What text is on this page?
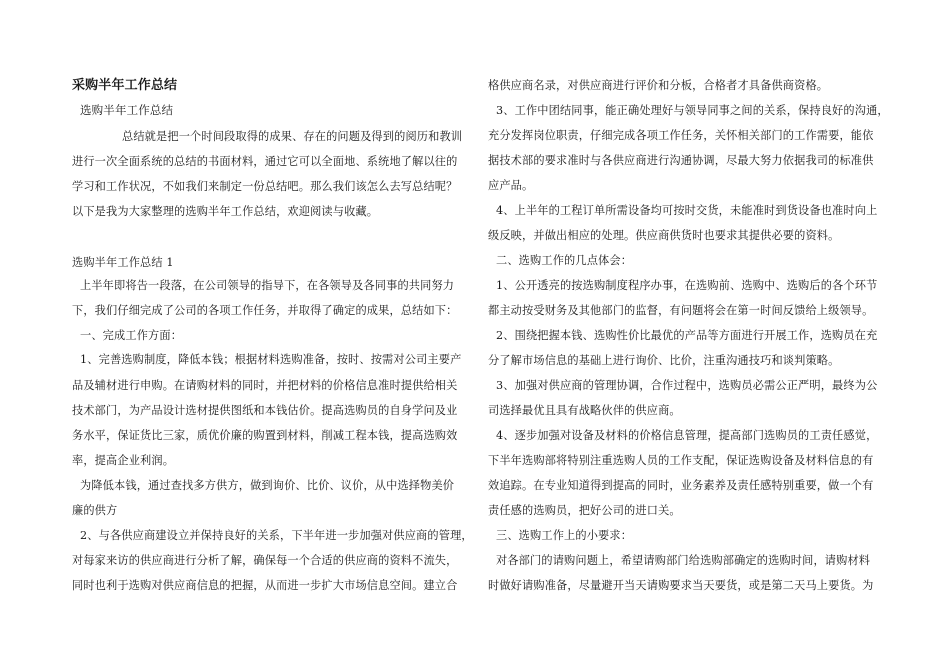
采购半年工作总结
选购半年工作总结
总结就是把一个时间段取得的成果、存在的问题及得到的阅历和教训
进行一次全面系统的总结的书面材料，通过它可以全面地、系统地了解以往的
学习和工作状况，不如我们来制定一份总结吧。那么我们该怎么去写总结呢？
以下是我为大家整理的选购半年工作总结，欢迎阅读与收藏。
选购半年工作总结 1
上半年即将告一段落，在公司领导的指导下，在各领导及各同事的共同努力
下，我们仔细完成了公司的各项工作任务，并取得了确定的成果，总结如下：
一、完成工作方面：
1、完善选购制度，降低本钱；根据材料选购准备，按时、按需对公司主要产
品及辅材进行申购。在请购材料的同时，并把材料的价格信息准时提供给相关
技术部门，为产品设计选材提供图纸和本钱估价。提高选购员的自身学问及业
务水平，保证货比三家，质优价廉的购置到材料，削减工程本钱，提高选购效
率，提高企业利润。
为降低本钱，通过查找多方供方，做到询价、比价、议价，从中选择物美价
廉的供方
2、与各供应商建设立并保持良好的关系，下半年进一步加强对供应商的管理，
对每家来访的供应商进行分析了解，确保每一个合适的供应商的资料不流失，
同时也利于选购对供应商信息的把握，从而进一步扩大市场信息空间。建立合
格供应商名录，对供应商进行评价和分板，合格者才具备供商资格。
3、工作中团结同事，能正确处理好与领导同事之间的关系，保持良好的沟通，
充分发挥岗位职责，仔细完成各项工作任务，关怀相关部门的工作需要，能依
据技术部的要求准时与各供应商进行沟通协调，尽最大努力依据我司的标准供
应产品。
4、上半年的工程订单所需设备均可按时交货，未能准时到货设备也准时向上
级反映，并做出相应的处理。供应商供货时也要求其提供必要的资料。
二、选购工作的几点体会：
1、公开透亮的按选购制度程序办事，在选购前、选购中、选购后的各个环节
都主动按受财务及其他部门的监督，有问题将会在第一时间反馈给上级领导。
2、围绕把握本钱、选购性价比最优的产品等方面进行开展工作，选购员在充
分了解市场信息的基础上进行询价、比价，注重沟通技巧和谈判策略。
3、加强对供应商的管理协调，合作过程中，选购员必需公正严明，最终为公
司选择最优且具有战略伙伴的供应商。
4、逐步加强对设备及材料的价格信息管理，提高部门选购员的工责任感觉，
下半年选购部将特别注重选购人员的工作支配，保证选购设备及材料信息的有
效追踪。在专业知道得到提高的同时，业务素养及责任感特别重要，做一个有
责任感的选购员，把好公司的进口关。
三、选购工作上的小要求：
对各部门的请购问题上，希望请购部门给选购部确定的选购时间，请购材料
时做好请购准备，尽量避开当天请购要求当天要货，或是第二天马上要货。为
